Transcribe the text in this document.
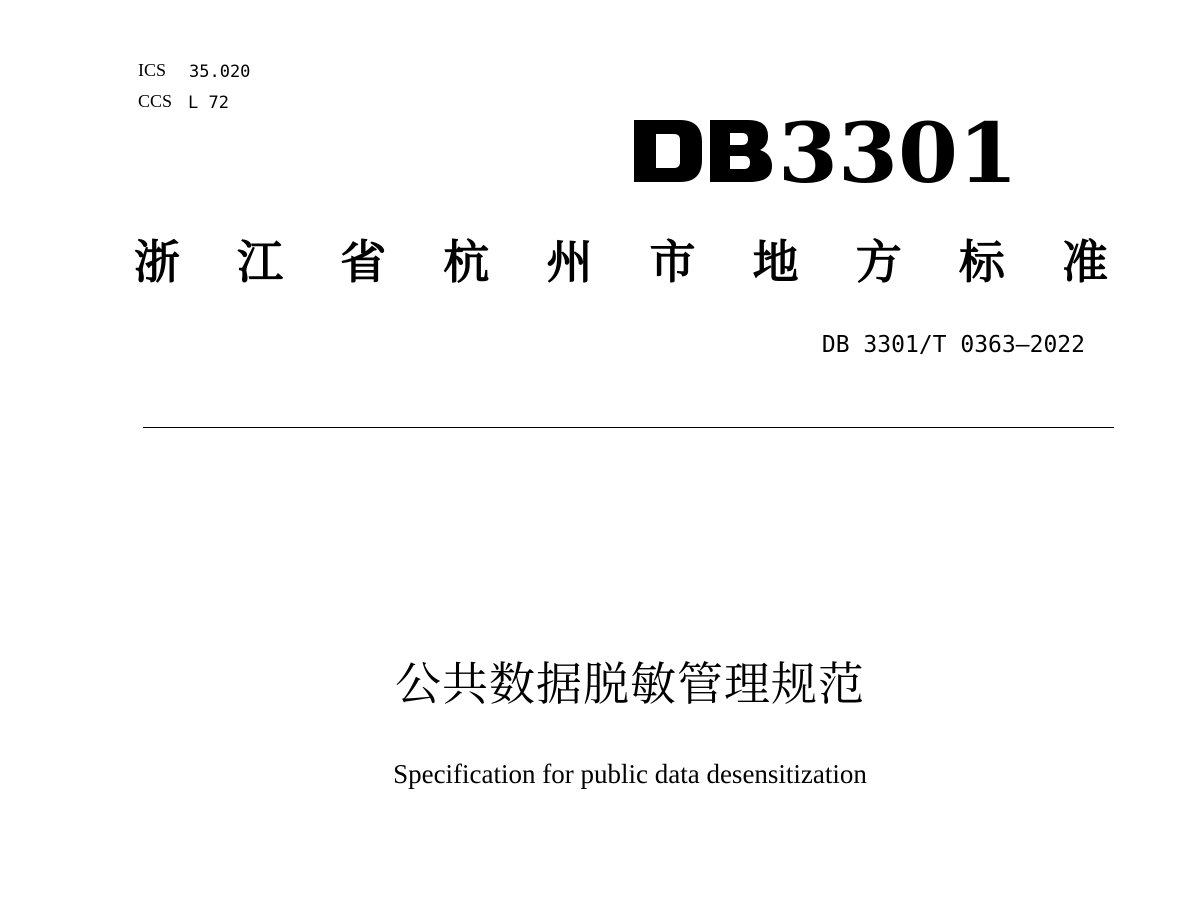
ICS 35.020
CCS L 72
3301
浙 江 省 杭 州 市 地 方 标 准
DB 3301/T 0363—2022
公共数据脱敏管理规范
Specification for public data desensitization
